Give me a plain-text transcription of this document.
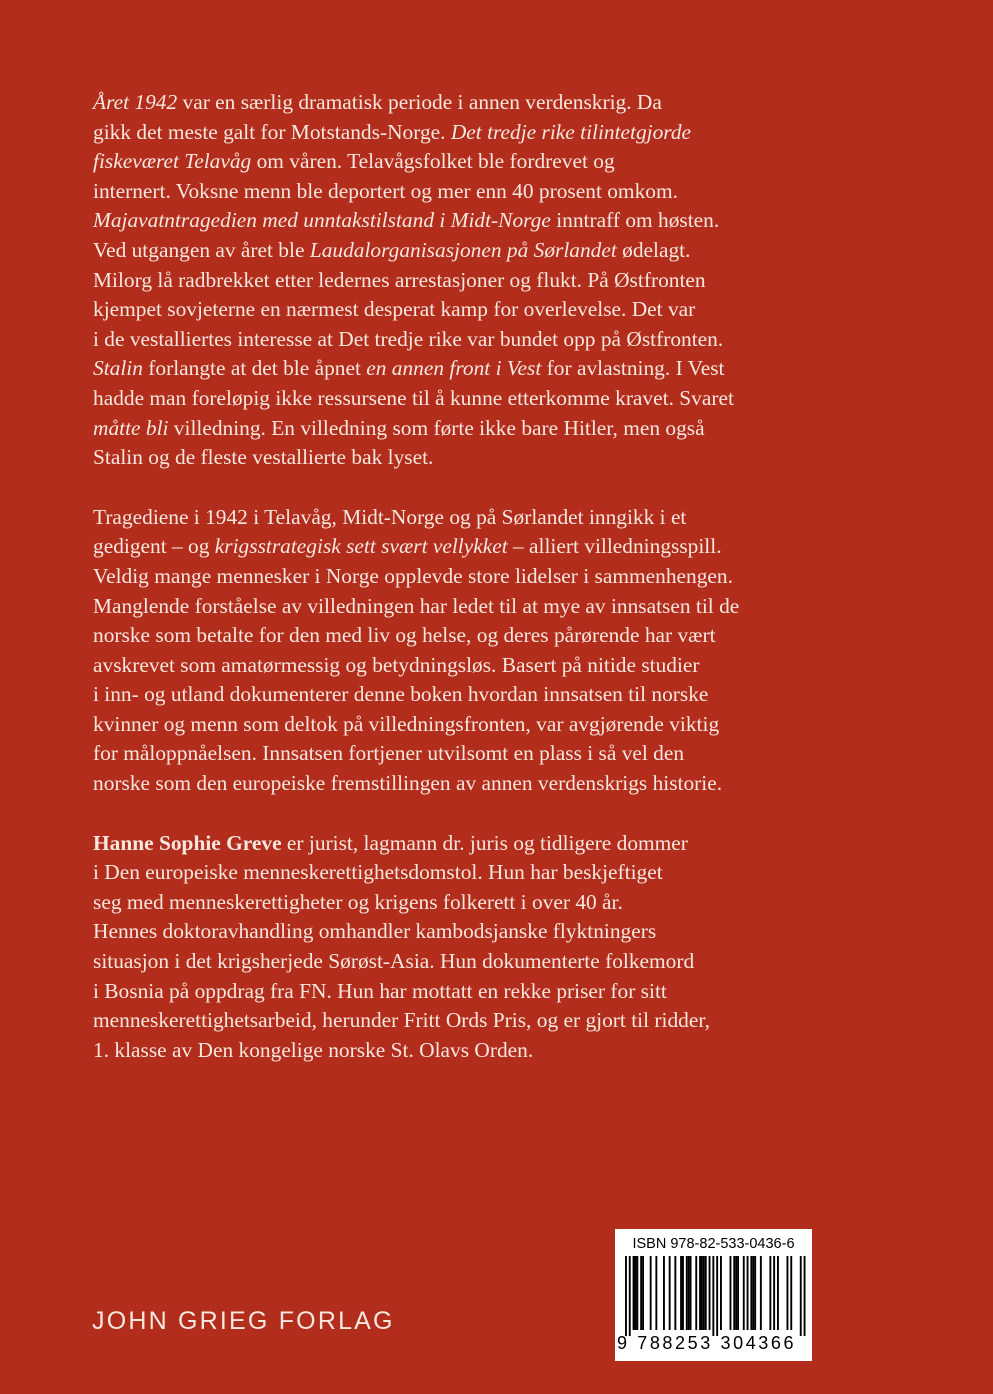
Året 1942 var en særlig dramatisk periode i annen verdenskrig. Da
gikk det meste galt for Motstands-Norge. Det tredje rike tilintetgjorde
fiskeværet Telavåg om våren. Telavågsfolket ble fordrevet og
internert. Voksne menn ble deportert og mer enn 40 prosent omkom.
Majavatntragedien med unntakstilstand i Midt-Norge inntraff om høsten.
Ved utgangen av året ble Laudalorganisasjonen på Sørlandet ødelagt.
Milorg lå radbrekket etter ledernes arrestasjoner og flukt. På Østfronten
kjempet sovjeterne en nærmest desperat kamp for overlevelse. Det var
i de vestalliertes interesse at Det tredje rike var bundet opp på Østfronten.
Stalin forlangte at det ble åpnet en annen front i Vest for avlastning. I Vest
hadde man foreløpig ikke ressursene til å kunne etterkomme kravet. Svaret
måtte bli villedning. En villedning som førte ikke bare Hitler, men også
Stalin og de fleste vestallierte bak lyset.

Tragediene i 1942 i Telavåg, Midt-Norge og på Sørlandet inngikk i et
gedigent – og krigsstrategisk sett svært vellykket – alliert villedningsspill.
Veldig mange mennesker i Norge opplevde store lidelser i sammenhengen.
Manglende forståelse av villedningen har ledet til at mye av innsatsen til de
norske som betalte for den med liv og helse, og deres pårørende har vært
avskrevet som amatørmessig og betydningsløs. Basert på nitide studier
i inn- og utland dokumenterer denne boken hvordan innsatsen til norske
kvinner og menn som deltok på villedningsfronten, var avgjørende viktig
for måloppnåelsen. Innsatsen fortjener utvilsomt en plass i så vel den
norske som den europeiske fremstillingen av annen verdenskrigs historie.

Hanne Sophie Greve er jurist, lagmann dr. juris og tidligere dommer
i Den europeiske menneskerettighetsdomstol. Hun har beskjeftiget
seg med menneskerettigheter og krigens folkerett i over 40 år.
Hennes doktoravhandling omhandler kambodsjanske flyktningers
situasjon i det krigsherjede Sørøst-Asia. Hun dokumenterte folkemord
i Bosnia på oppdrag fra FN. Hun har mottatt en rekke priser for sitt
menneskerettighetsarbeid, herunder Fritt Ords Pris, og er gjort til ridder,
1. klasse av Den kongelige norske St. Olavs Orden.

JOHN GRIEG FORLAG
ISBN 978-82-533-0436-6
9 788253 304366
